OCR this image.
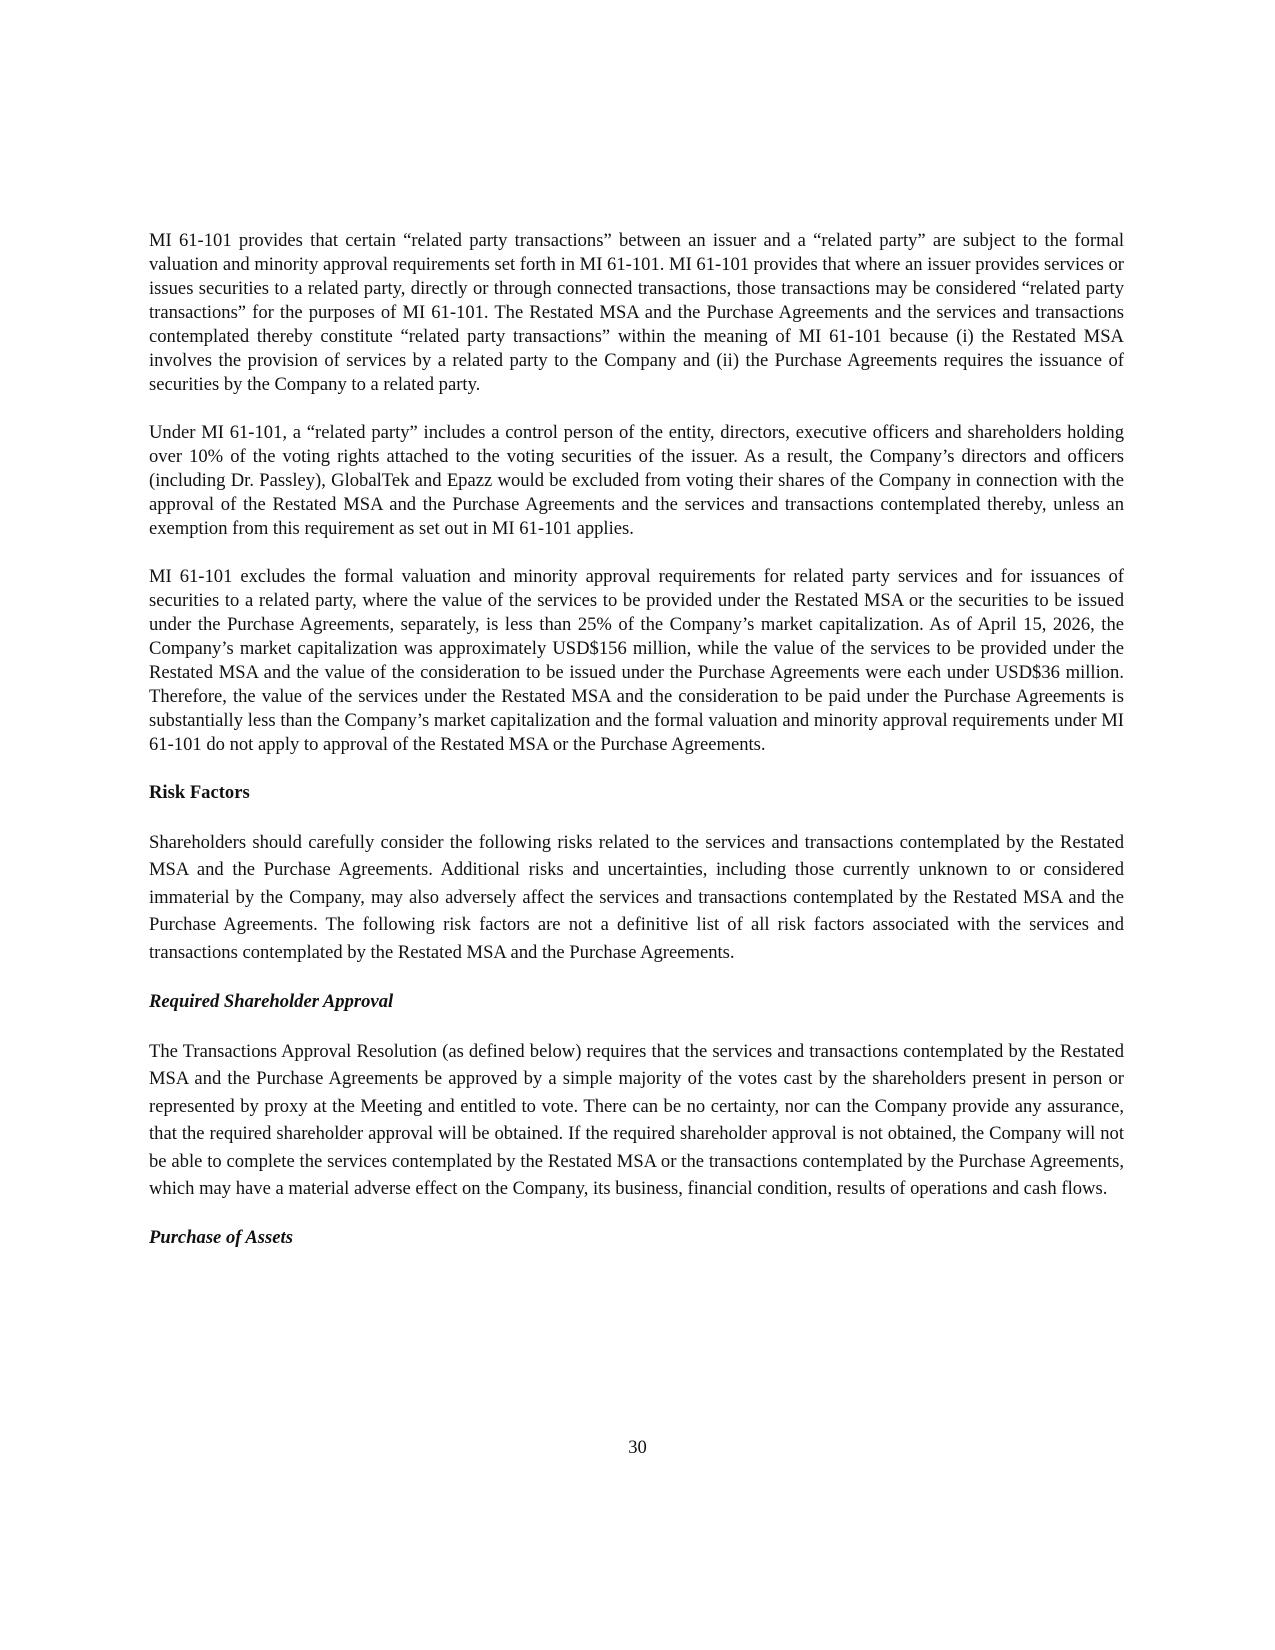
MI 61-101 provides that certain “related party transactions” between an issuer and a “related party” are subject to the formal valuation and minority approval requirements set forth in MI 61-101. MI 61-101 provides that where an issuer provides services or issues securities to a related party, directly or through connected transactions, those transactions may be considered “related party transactions” for the purposes of MI 61-101. The Restated MSA and the Purchase Agreements and the services and transactions contemplated thereby constitute “related party transactions” within the meaning of MI 61-101 because (i) the Restated MSA involves the provision of services by a related party to the Company and (ii) the Purchase Agreements requires the issuance of securities by the Company to a related party.

Under MI 61-101, a “related party” includes a control person of the entity, directors, executive officers and shareholders holding over 10% of the voting rights attached to the voting securities of the issuer. As a result, the Company’s directors and officers (including Dr. Passley), GlobalTek and Epazz would be excluded from voting their shares of the Company in connection with the approval of the Restated MSA and the Purchase Agreements and the services and transactions contemplated thereby, unless an exemption from this requirement as set out in MI 61-101 applies.

MI 61-101 excludes the formal valuation and minority approval requirements for related party services and for issuances of securities to a related party, where the value of the services to be provided under the Restated MSA or the securities to be issued under the Purchase Agreements, separately, is less than 25% of the Company’s market capitalization. As of April 15, 2026, the Company’s market capitalization was approximately USD$156 million, while the value of the services to be provided under the Restated MSA and the value of the consideration to be issued under the Purchase Agreements were each under USD$36 million. Therefore, the value of the services under the Restated MSA and the consideration to be paid under the Purchase Agreements is substantially less than the Company’s market capitalization and the formal valuation and minority approval requirements under MI 61-101 do not apply to approval of the Restated MSA or the Purchase Agreements.

Risk Factors

Shareholders should carefully consider the following risks related to the services and transactions contemplated by the Restated MSA and the Purchase Agreements. Additional risks and uncertainties, including those currently unknown to or considered immaterial by the Company, may also adversely affect the services and transactions contemplated by the Restated MSA and the Purchase Agreements. The following risk factors are not a definitive list of all risk factors associated with the services and transactions contemplated by the Restated MSA and the Purchase Agreements.

Required Shareholder Approval

The Transactions Approval Resolution (as defined below) requires that the services and transactions contemplated by the Restated MSA and the Purchase Agreements be approved by a simple majority of the votes cast by the shareholders present in person or represented by proxy at the Meeting and entitled to vote. There can be no certainty, nor can the Company provide any assurance, that the required shareholder approval will be obtained. If the required shareholder approval is not obtained, the Company will not be able to complete the services contemplated by the Restated MSA or the transactions contemplated by the Purchase Agreements, which may have a material adverse effect on the Company, its business, financial condition, results of operations and cash flows.

Purchase of Assets

30
